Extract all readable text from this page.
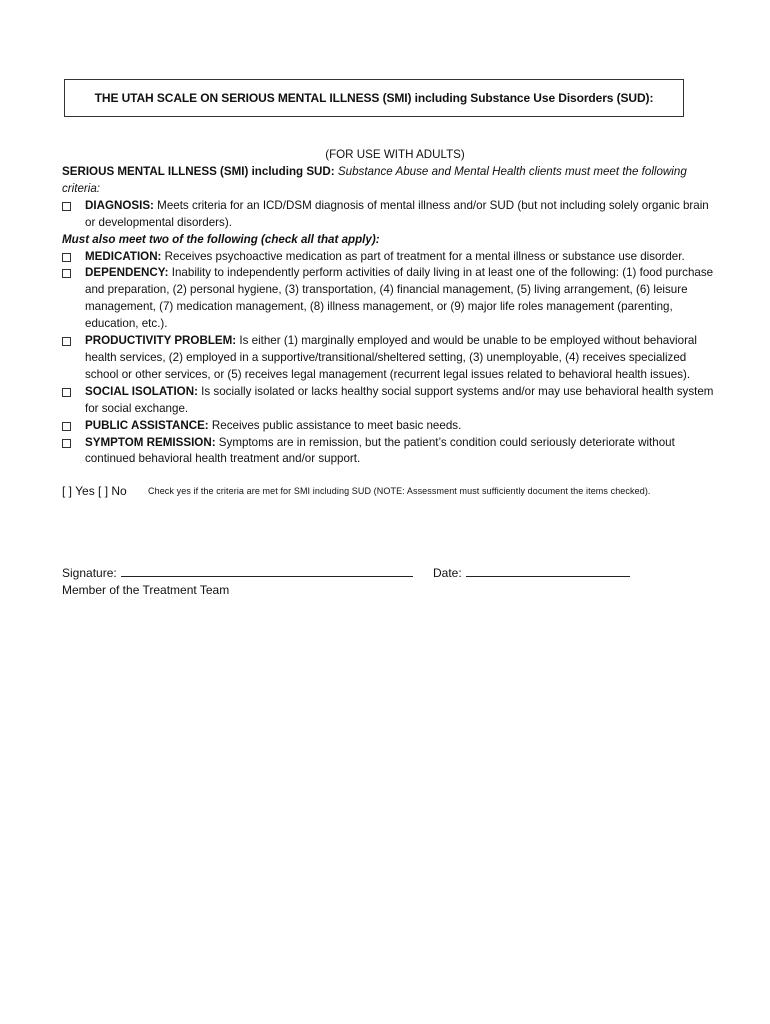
THE UTAH SCALE ON SERIOUS MENTAL ILLNESS (SMI) including Substance Use Disorders (SUD):
(FOR USE WITH ADULTS)

SERIOUS MENTAL ILLNESS (SMI) including SUD: Substance Abuse and Mental Health clients must meet the following criteria:

DIAGNOSIS: Meets criteria for an ICD/DSM diagnosis of mental illness and/or SUD (but not including solely organic brain or developmental disorders).

Must also meet two of the following (check all that apply):

MEDICATION: Receives psychoactive medication as part of treatment for a mental illness or substance use disorder.
DEPENDENCY: Inability to independently perform activities of daily living in at least one of the following: (1) food purchase and preparation, (2) personal hygiene, (3) transportation, (4) financial management, (5) living arrangement, (6) leisure management, (7) medication management, (8) illness management, or (9) major life roles management (parenting, education, etc.).
PRODUCTIVITY PROBLEM: Is either (1) marginally employed and would be unable to be employed without behavioral health services, (2) employed in a supportive/transitional/sheltered setting, (3) unemployable, (4) receives specialized school or other services, or (5) receives legal management (recurrent legal issues related to behavioral health issues).
SOCIAL ISOLATION: Is socially isolated or lacks healthy social support systems and/or may use behavioral health system for social exchange.
PUBLIC ASSISTANCE: Receives public assistance to meet basic needs.
SYMPTOM REMISSION: Symptoms are in remission, but the patient’s condition could seriously deteriorate without continued behavioral health treatment and/or support.
[ ] Yes [ ] No Check yes if the criteria are met for SMI including SUD (NOTE: Assessment must sufficiently document the items checked).
Signature:
Member of the Treatment Team
Date:
